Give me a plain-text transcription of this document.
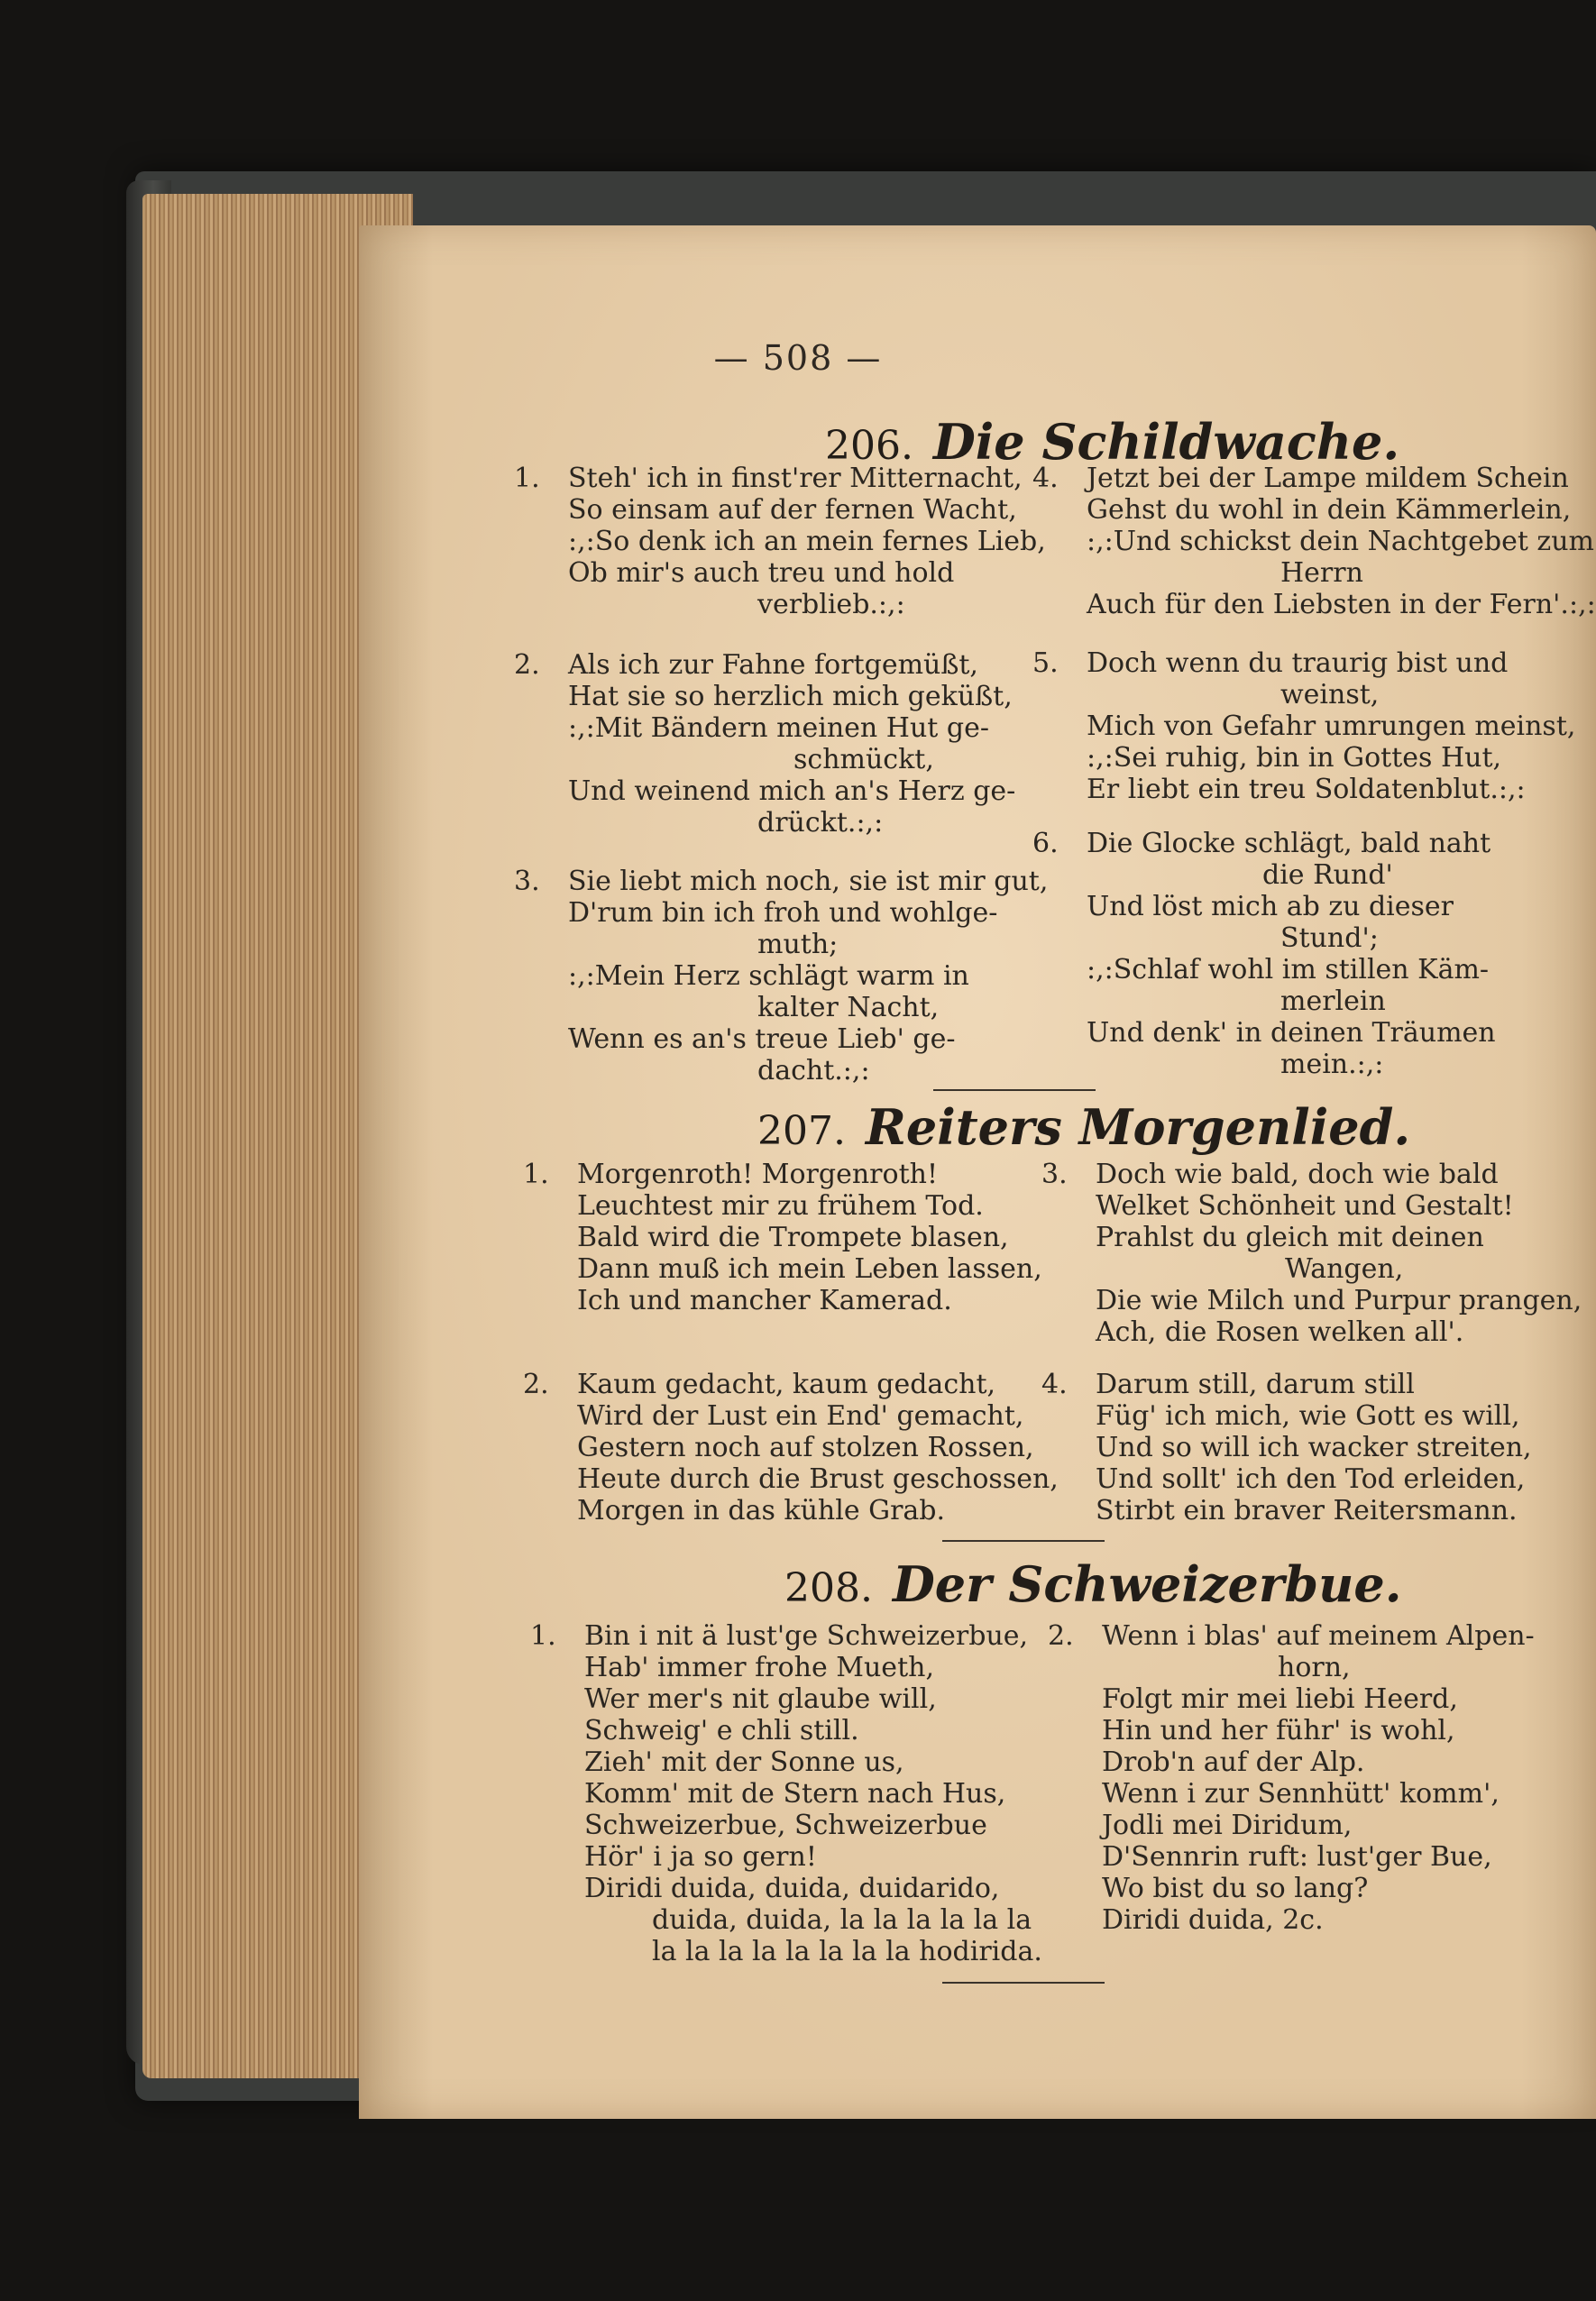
— 508 —
206. Die Schildwache.
1. Steh' ich in finst'rer Mitternacht,
So einsam auf der fernen Wacht,
:,:So denk ich an mein fernes Lieb,
Ob mir's auch treu und hold
verblieb.:,:
2. Als ich zur Fahne fortgemüßt,
Hat sie so herzlich mich geküßt,
:,:Mit Bändern meinen Hut ge-
schmückt,
Und weinend mich an's Herz ge-
drückt.:,:
3. Sie liebt mich noch, sie ist mir gut,
D'rum bin ich froh und wohlge-
muth;
:,:Mein Herz schlägt warm in
kalter Nacht,
Wenn es an's treue Lieb' ge-
dacht.:,:
4. Jetzt bei der Lampe mildem Schein
Gehst du wohl in dein Kämmerlein,
:,:Und schickst dein Nachtgebet zum
Herrn
Auch für den Liebsten in der Fern'.:,:
5. Doch wenn du traurig bist und
weinst,
Mich von Gefahr umrungen meinst,
:,:Sei ruhig, bin in Gottes Hut,
Er liebt ein treu Soldatenblut.:,:
6. Die Glocke schlägt, bald naht
die Rund'
Und löst mich ab zu dieser
Stund';
:,:Schlaf wohl im stillen Käm-
merlein
Und denk' in deinen Träumen
mein.:,:
207. Reiters Morgenlied.
1. Morgenroth! Morgenroth!
Leuchtest mir zu frühem Tod.
Bald wird die Trompete blasen,
Dann muß ich mein Leben lassen,
Ich und mancher Kamerad.
2. Kaum gedacht, kaum gedacht,
Wird der Lust ein End' gemacht,
Gestern noch auf stolzen Rossen,
Heute durch die Brust geschossen,
Morgen in das kühle Grab.
3. Doch wie bald, doch wie bald
Welket Schönheit und Gestalt!
Prahlst du gleich mit deinen
Wangen,
Die wie Milch und Purpur prangen,
Ach, die Rosen welken all'.
4. Darum still, darum still
Füg' ich mich, wie Gott es will,
Und so will ich wacker streiten,
Und sollt' ich den Tod erleiden,
Stirbt ein braver Reitersmann.
208. Der Schweizerbue.
1. Bin i nit ä lust'ge Schweizerbue,
Hab' immer frohe Mueth,
Wer mer's nit glaube will,
Schweig' e chli still.
Zieh' mit der Sonne us,
Komm' mit de Stern nach Hus,
Schweizerbue, Schweizerbue
Hör' i ja so gern!
Diridi duida, duida, duidarido,
duida, duida, la la la la la la
la la la la la la la la hodirida.
2. Wenn i blas' auf meinem Alpen-
horn,
Folgt mir mei liebi Heerd,
Hin und her führ' is wohl,
Drob'n auf der Alp.
Wenn i zur Sennhütt' komm',
Jodli mei Diridum,
D'Sennrin ruft: lust'ger Bue,
Wo bist du so lang?
Diridi duida, 2c.
